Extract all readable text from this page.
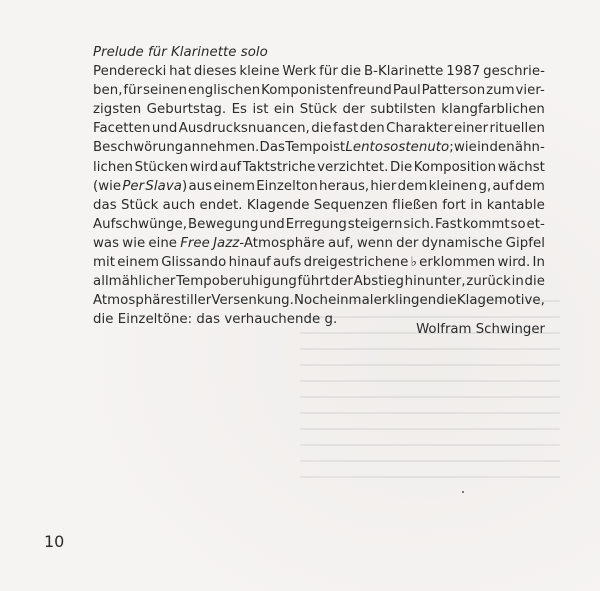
Prelude für Klarinette solo

Penderecki hat dieses kleine Werk für die B-Klarinette 1987 geschrie-
ben, für seinen englischen Komponistenfreund Paul Patterson zum vier-
zigsten Geburtstag. Es ist ein Stück der subtilsten klangfarblichen
Facetten und Ausdrucksnuancen, die fast den Charakter einer rituellen
Beschwörung annehmen. Das Tempo ist Lento sostenuto; wie in den ähn-
lichen Stücken wird auf Taktstriche verzichtet. Die Komposition wächst
(wie Per Slava) aus einem Einzelton heraus, hier dem kleinen g, auf dem
das Stück auch endet. Klagende Sequenzen fließen fort in kantable
Aufschwünge, Bewegung und Erregung steigern sich. Fast kommt so et-
was wie eine Free Jazz-Atmosphäre auf, wenn der dynamische Gipfel
mit einem Glissando hinauf aufs dreigestrichene ♭ erklommen wird. In
allmählicher Tempoberuhigung führt der Abstieg hinunter, zurück in die
Atmosphäre stiller Versenkung. Noch einmal erklingen die Klagemotive,
die Einzeltöne: das verhauchende g.
Wolfram Schwinger
10
